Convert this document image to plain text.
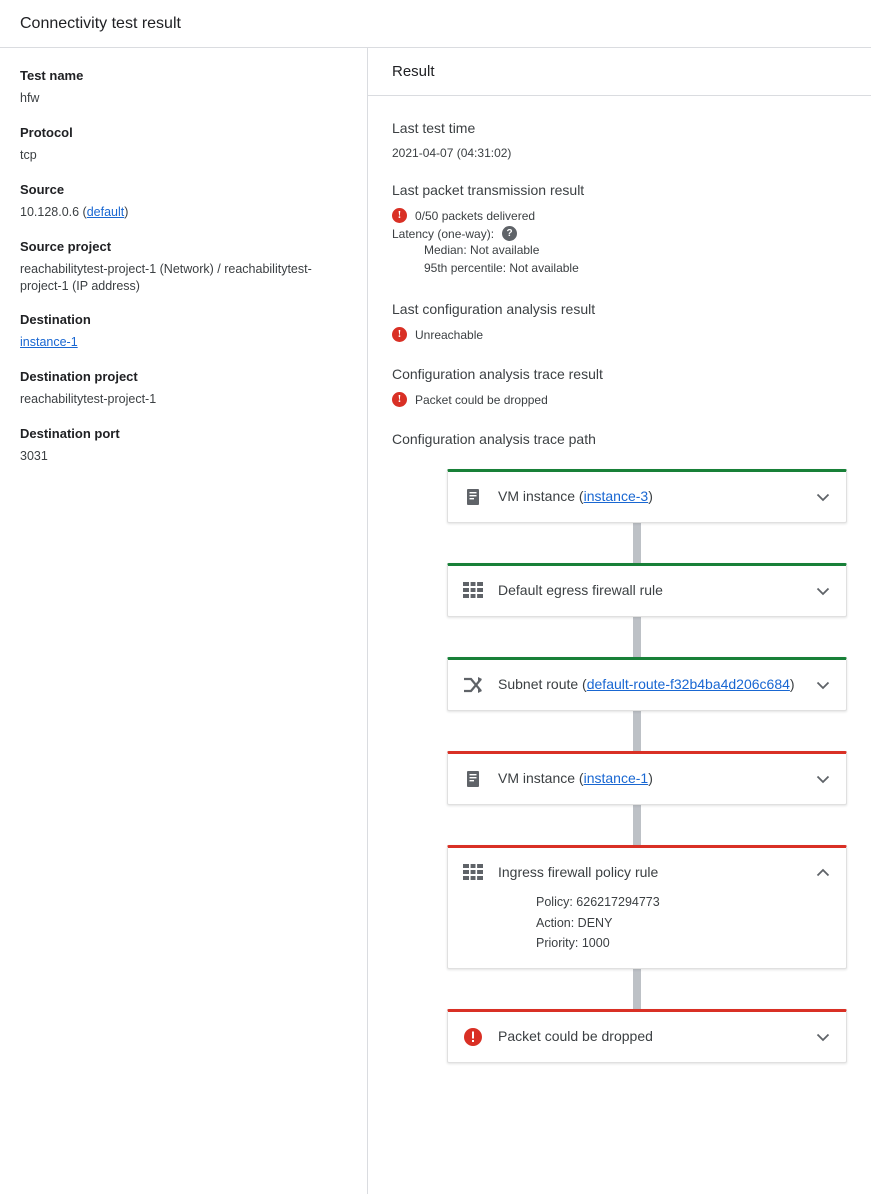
Connectivity test result
Test name
hfw
Protocol
tcp
Source
10.128.0.6 (default)
Source project
reachabilitytest-project-1 (Network) / reachabilitytest-project-1 (IP address)
Destination
instance-1
Destination project
reachabilitytest-project-1
Destination port
3031
Result
Last test time
2021-04-07 (04:31:02)
Last packet transmission result
!	0/50 packets delivered
Latency (one-way):	?
Median: Not available
95th percentile: Not available
Last configuration analysis result
!	Unreachable
Configuration analysis trace result
!	Packet could be dropped
Configuration analysis trace path
VM instance (instance-3)
Default egress firewall rule
Subnet route (default-route-f32b4ba4d206c684)
VM instance (instance-1)
Ingress firewall policy rule
Policy: 626217294773
Action: DENY
Priority: 1000
Packet could be dropped
